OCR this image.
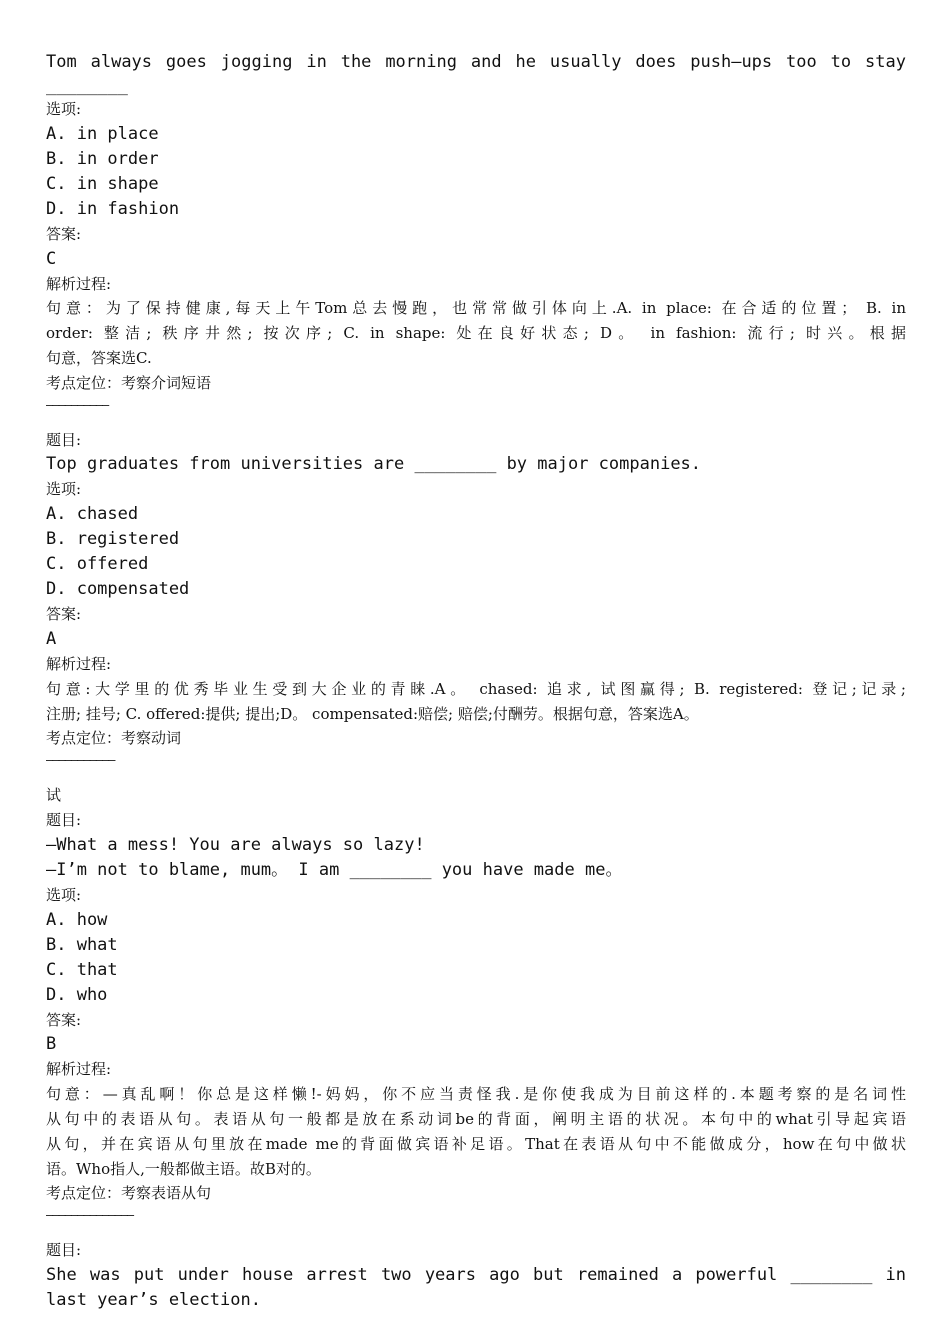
Tom always goes jogging in the morning and he usually does push—ups too to stay
________
选项:
A. in place
B. in order
C. in shape
D. in fashion
答案:
C
解析过程:
句意：为了保持健康,每天上午Tom总去慢跑，也常常做引体向上.A. in place: 在合适的位置； B. in
order: 整洁; 秩序井然; 按次序; C. in shape: 处在良好状态; D。 in fashion: 流行; 时兴。根据
句意，答案选C.
考点定位：考察介词短语
——————————
题目:
Top graduates from universities are ________ by major companies.
选项:
A. chased
B. registered
C. offered
D. compensated
答案:
A
解析过程:
句意:大学里的优秀毕业生受到大企业的青睐.A。 chased: 追求, 试图赢得; B. registered: 登记;记录;
注册; 挂号; C. offered:提供; 提出;D。 compensated:赔偿; 赔偿;付酬劳。根据句意，答案选A。
考点定位：考察动词
———————————
试
题目:
—What a mess! You are always so lazy!
—I’m not to blame, mum。 I am ________ you have made me。
选项:
A. how
B. what
C. that
D. who
答案:
B
解析过程:
句意：—真乱啊！你总是这样懒!-妈妈，你不应当责怪我.是你使我成为目前这样的.本题考察的是名词性
从句中的表语从句。表语从句一般都是放在系动词be的背面，阐明主语的状况。本句中的what引导起宾语
从句，并在宾语从句里放在made me的背面做宾语补足语。That在表语从句中不能做成分，how在句中做状
语。Who指人,一般都做主语。故B对的。
考点定位：考察表语从句
——————————————
题目:
She was put under house arrest two years ago but remained a powerful ________ in
last year’s election.
